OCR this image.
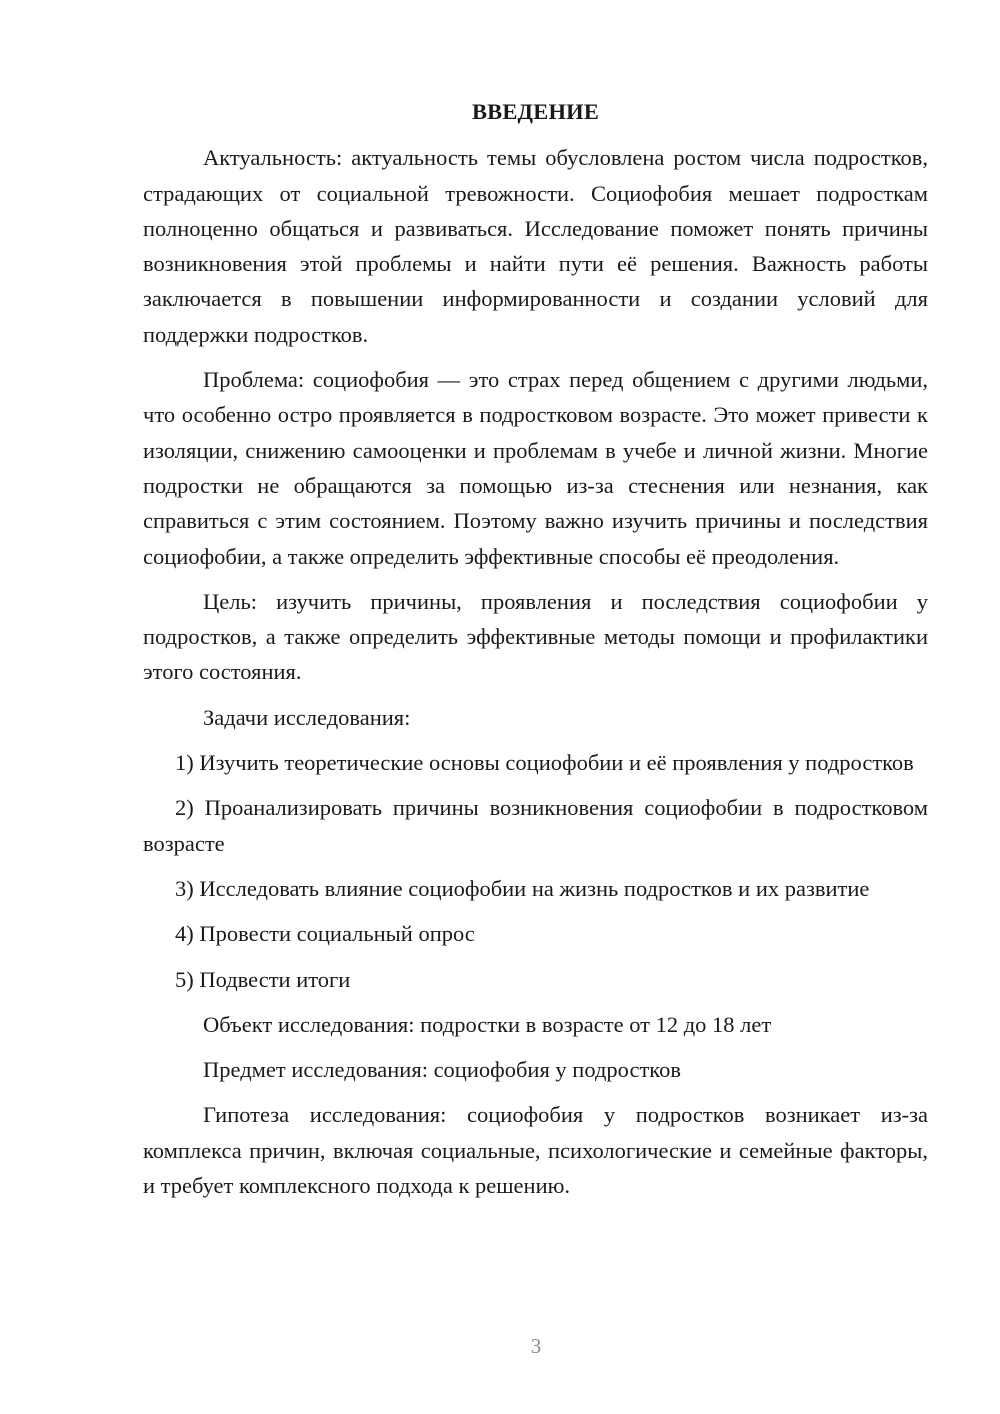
ВВЕДЕНИЕ

Актуальность: актуальность темы обусловлена ростом числа подростков, страдающих от социальной тревожности. Социофобия мешает подросткам полноценно общаться и развиваться. Исследование поможет понять причины возникновения этой проблемы и найти пути её решения. Важность работы заключается в повышении информированности и создании условий для поддержки подростков.

Проблема: социофобия — это страх перед общением с другими людьми, что особенно остро проявляется в подростковом возрасте. Это может привести к изоляции, снижению самооценки и проблемам в учебе и личной жизни. Многие подростки не обращаются за помощью из-за стеснения или незнания, как справиться с этим состоянием. Поэтому важно изучить причины и последствия социофобии, а также определить эффективные способы её преодоления.

Цель: изучить причины, проявления и последствия социофобии у подростков, а также определить эффективные методы помощи и профилактики этого состояния.

Задачи исследования:

1) Изучить теоретические основы социофобии и её проявления у подростков

2) Проанализировать причины возникновения социофобии в подростковом возрасте

3) Исследовать влияние социофобии на жизнь подростков и их развитие

4) Провести социальный опрос

5) Подвести итоги

Объект исследования: подростки в возрасте от 12 до 18 лет

Предмет исследования: социофобия у подростков

Гипотеза исследования: социофобия у подростков возникает из-за комплекса причин, включая социальные, психологические и семейные факторы, и требует комплексного подхода к решению.

3
